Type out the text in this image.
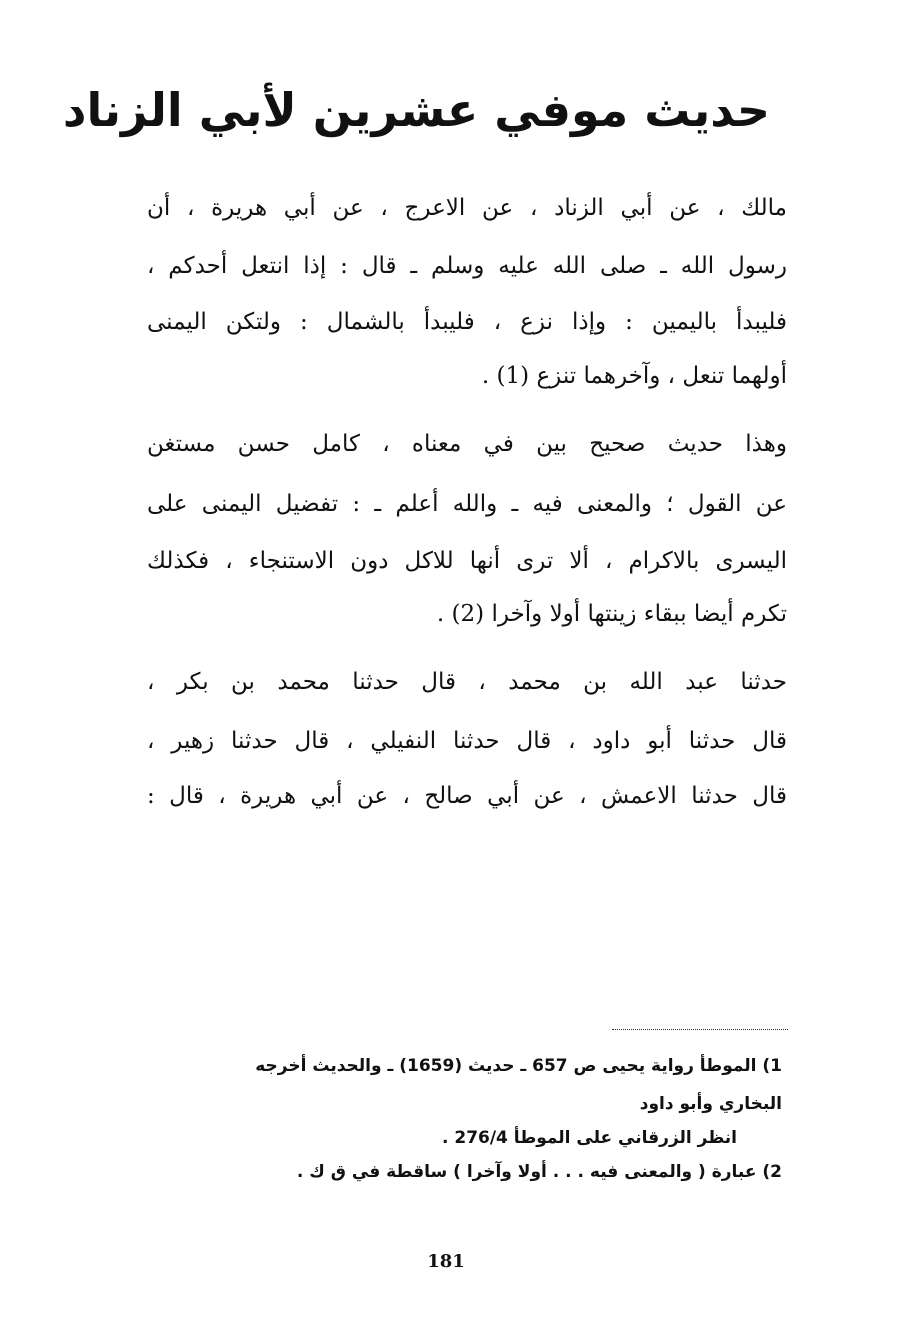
حديث موفي عشرين لأبي الزناد
مالك ، عن أبي الزناد ، عن الاعرج ، عن أبي هريرة ، أن
رسول الله ـ صلى الله عليه وسلم ـ قال : إذا انتعل أحدكم ،
فليبدأ باليمين : وإذا نزع ، فليبدأ بالشمال : ولتكن اليمنى
أولهما تنعل ، وآخرهما تنزع (1) .
وهذا حديث صحيح بين في معناه ، كامل حسن مستغن
عن القول ؛ والمعنى فيه ـ والله أعلم ـ : تفضيل اليمنى على
اليسرى بالاكرام ، ألا ترى أنها للاكل دون الاستنجاء ، فكذلك
تكرم أيضا ببقاء زينتها أولا وآخرا (2) .
حدثنا عبد الله بن محمد ، قال حدثنا محمد بن بكر ،
قال حدثنا أبو داود ، قال حدثنا النفيلي ، قال حدثنا زهير ،
قال حدثنا الاعمش ، عن أبي صالح ، عن أبي هريرة ، قال :
1) الموطأ رواية يحيى ص 657 ـ حديث (1659) ـ والحديث أخرجه
البخاري وأبو داود
انظر الزرقاني على الموطأ 276/4 .
2) عبارة ( والمعنى فيه . . . أولا وآخرا ) ساقطة في ق ك .
181
